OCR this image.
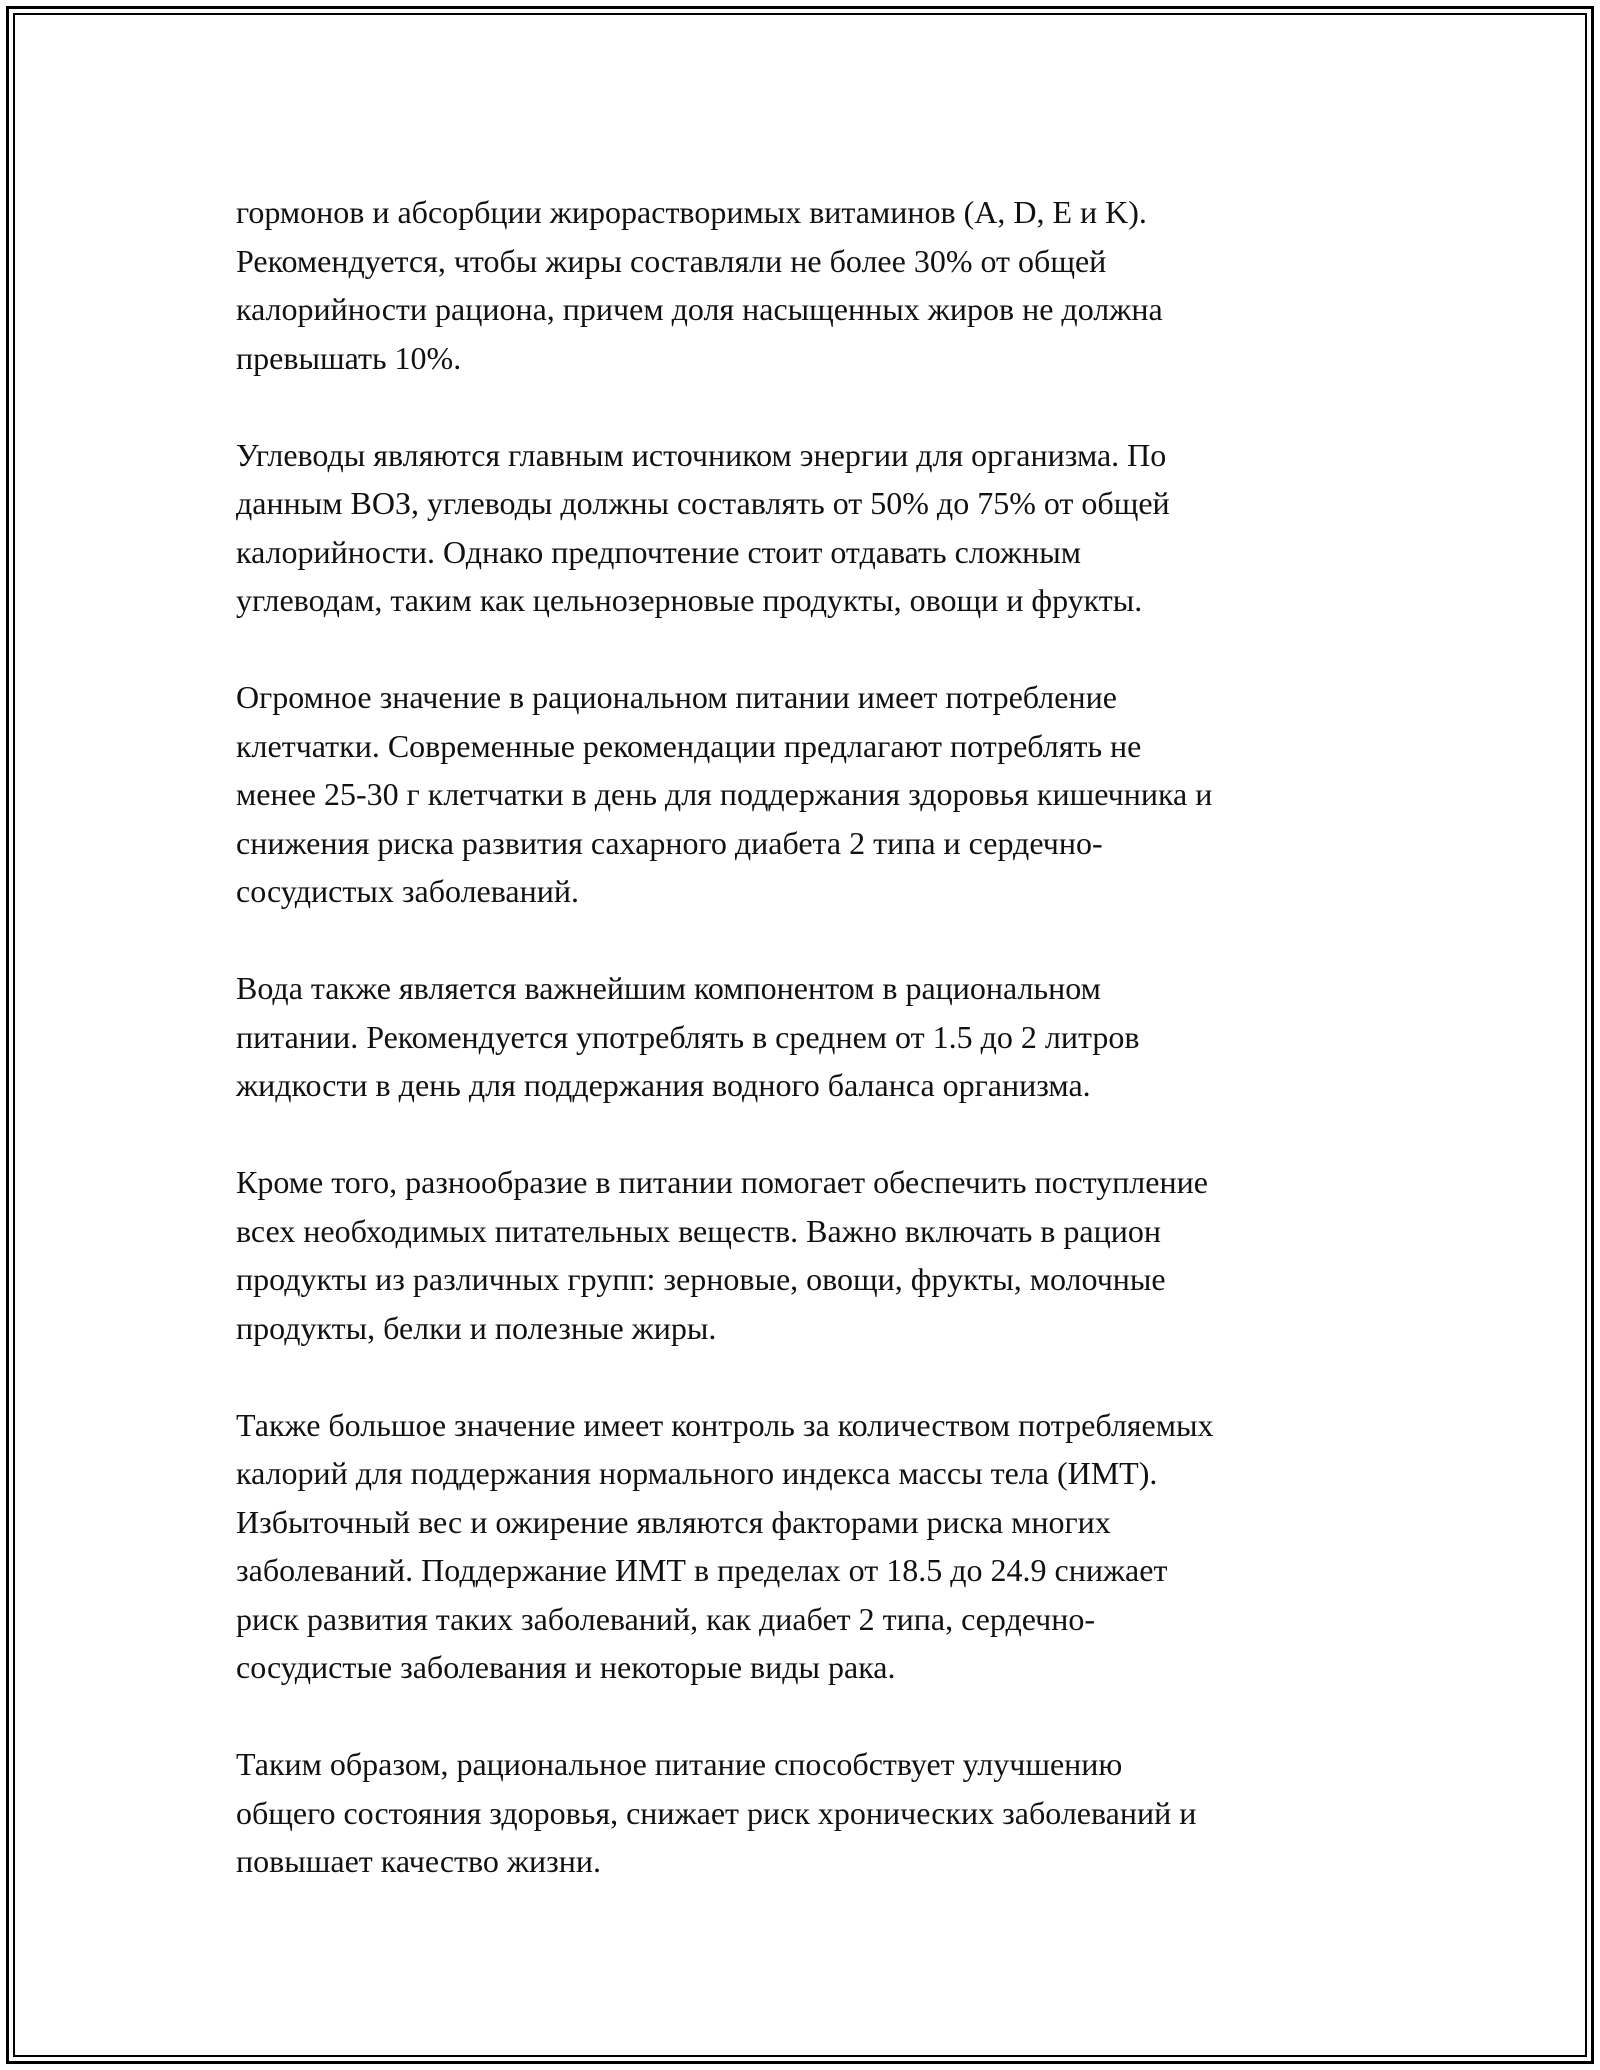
гормонов и абсорбции жирорастворимых витаминов (A, D, E и K).
Рекомендуется, чтобы жиры составляли не более 30% от общей
калорийности рациона, причем доля насыщенных жиров не должна
превышать 10%.

Углеводы являются главным источником энергии для организма. По
данным ВОЗ, углеводы должны составлять от 50% до 75% от общей
калорийности. Однако предпочтение стоит отдавать сложным
углеводам, таким как цельнозерновые продукты, овощи и фрукты.

Огромное значение в рациональном питании имеет потребление
клетчатки. Современные рекомендации предлагают потреблять не
менее 25-30 г клетчатки в день для поддержания здоровья кишечника и
снижения риска развития сахарного диабета 2 типа и сердечно-
сосудистых заболеваний.

Вода также является важнейшим компонентом в рациональном
питании. Рекомендуется употреблять в среднем от 1.5 до 2 литров
жидкости в день для поддержания водного баланса организма.

Кроме того, разнообразие в питании помогает обеспечить поступление
всех необходимых питательных веществ. Важно включать в рацион
продукты из различных групп: зерновые, овощи, фрукты, молочные
продукты, белки и полезные жиры.

Также большое значение имеет контроль за количеством потребляемых
калорий для поддержания нормального индекса массы тела (ИМТ).
Избыточный вес и ожирение являются факторами риска многих
заболеваний. Поддержание ИМТ в пределах от 18.5 до 24.9 снижает
риск развития таких заболеваний, как диабет 2 типа, сердечно-
сосудистые заболевания и некоторые виды рака.

Таким образом, рациональное питание способствует улучшению
общего состояния здоровья, снижает риск хронических заболеваний и
повышает качество жизни.
